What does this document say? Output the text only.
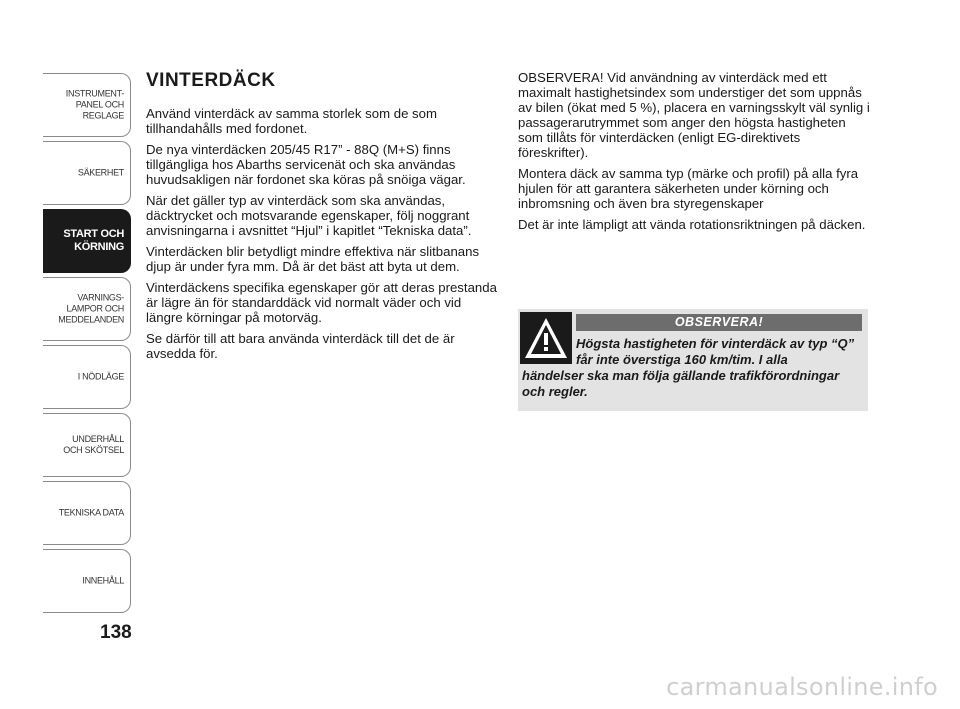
INSTRUMENT-
PANEL OCH
REGLAGE
SÄKERHET
START OCH
KÖRNING
VARNINGS-
LAMPOR OCH
MEDDELANDEN
I NÖDLÄGE
UNDERHÅLL
OCH SKÖTSEL
TEKNISKA DATA
INNEHÅLL
138
VINTERDÄCK

Använd vinterdäck av samma storlek som de som tillhandahålls med fordonet.

De nya vinterdäcken 205/45 R17” - 88Q (M+S) finns tillgängliga hos Abarths servicenät och ska användas huvudsakligen när fordonet ska köras på snöiga vägar.

När det gäller typ av vinterdäck som ska användas, däcktrycket och motsvarande egenskaper, följ noggrant anvisningarna i avsnittet “Hjul” i kapitlet “Tekniska data”.

Vinterdäcken blir betydligt mindre effektiva när slitbanans djup är under fyra mm. Då är det bäst att byta ut dem.

Vinterdäckens specifika egenskaper gör att deras prestanda är lägre än för standarddäck vid normalt väder och vid längre körningar på motorväg.

Se därför till att bara använda vinterdäck till det de är avsedda för.

OBSERVERA! Vid användning av vinterdäck med ett maximalt hastighetsindex som understiger det som uppnås av bilen (ökat med 5 %), placera en varningsskylt väl synlig i passagerarutrymmet som anger den högsta hastigheten som tillåts för vinterdäcken (enligt EG-direktivets föreskrifter).

Montera däck av samma typ (märke och profil) på alla fyra hjulen för att garantera säkerheten under körning och inbromsning och även bra styregenskaper

Det är inte lämpligt att vända rotationsriktningen på däcken.

OBSERVERA!
Högsta hastigheten för vinterdäck av typ “Q” får inte överstiga 160 km/tim. I alla
händelser ska man följa gällande trafikförordningar och regler.
carmanualsonline.info
